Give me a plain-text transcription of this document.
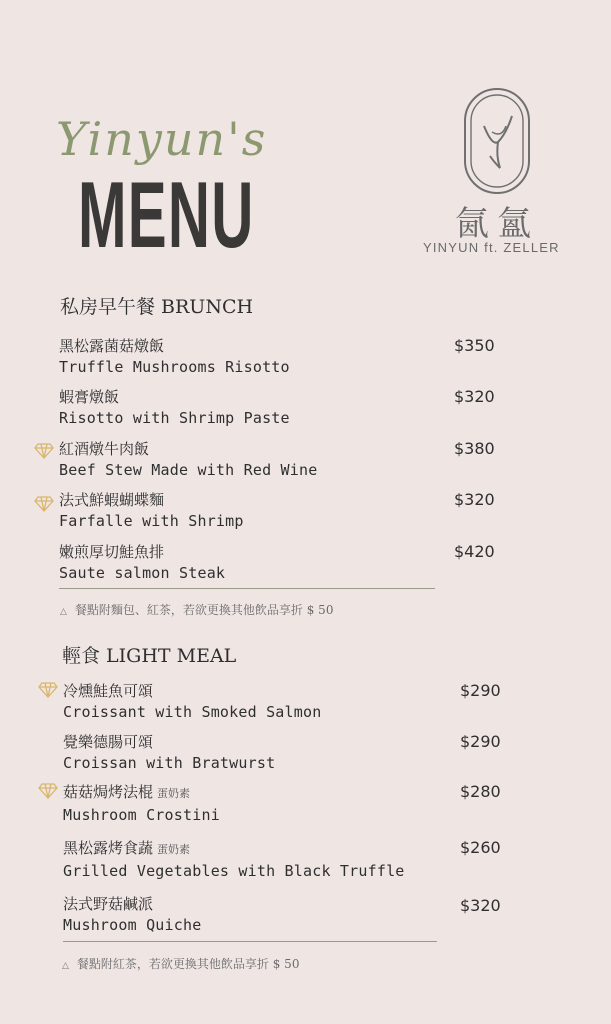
Yinyun's
MENU	氤氳
YINYUN ft. ZELLER
私房早午餐 BRUNCH
黑松露菌菇燉飯
Truffle Mushrooms Risotto
$350
蝦膏燉飯
Risotto with Shrimp Paste
$320
紅酒燉牛肉飯
Beef Stew Made with Red Wine
$380
法式鮮蝦蝴蝶麵
Farfalle with Shrimp
$320
嫩煎厚切鮭魚排
Saute salmon Steak
$420
△ 餐點附麵包、紅茶，若欲更換其他飲品享折 $ 50
輕食 LIGHT MEAL
冷燻鮭魚可頌
Croissant with Smoked Salmon
$290
覺樂德腸可頌
Croissan with Bratwurst
$290
菇菇焗烤法棍 蛋奶素
Mushroom Crostini
$280
黑松露烤食蔬 蛋奶素
Grilled Vegetables with Black Truffle
$260
法式野菇鹹派
Mushroom Quiche
$320
△ 餐點附紅茶，若欲更換其他飲品享折 $ 50
